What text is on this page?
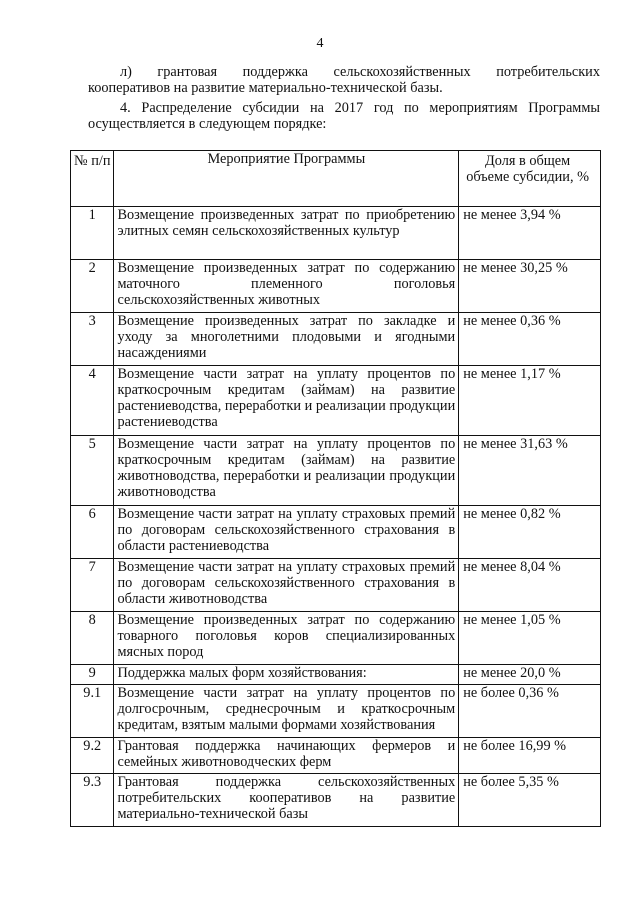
4
л) грантовая поддержка сельскохозяйственных потребительских
кооперативов на развитие материально-технической базы.
4. Распределение субсидии на 2017 год по мероприятиям Программы
осуществляется в следующем порядке:
№ п/п	Мероприятие Программы	Доля в общем объеме субсидии, %
1	Возмещение произведенных затрат по приобретению элитных семян сельскохозяйственных культур	не менее 3,94 %
2	Возмещение произведенных затрат по содержанию маточного племенного поголовья сельскохозяйственных животных	не менее 30,25 %
3	Возмещение произведенных затрат по закладке и уходу за многолетними плодовыми и ягодными насаждениями	не менее 0,36 %
4	Возмещение части затрат на уплату процентов по краткосрочным кредитам (займам) на развитие растениеводства, переработки и реализации продукции растениеводства	не менее 1,17 %
5	Возмещение части затрат на уплату процентов по краткосрочным кредитам (займам) на развитие животноводства, переработки и реализации продукции животноводства	не менее 31,63 %
6	Возмещение части затрат на уплату страховых премий по договорам сельскохозяйственного страхования в области растениеводства	не менее 0,82 %
7	Возмещение части затрат на уплату страховых премий по договорам сельскохозяйственного страхования в области животноводства	не менее 8,04 %
8	Возмещение произведенных затрат по содержанию товарного поголовья коров специализированных мясных пород	не менее 1,05 %
9	Поддержка малых форм хозяйствования:	не менее 20,0 %
9.1	Возмещение части затрат на уплату процентов по долгосрочным, среднесрочным и краткосрочным кредитам, взятым малыми формами хозяйствования	не более 0,36 %
9.2	Грантовая поддержка начинающих фермеров и семейных животноводческих ферм	не более 16,99 %
9.3	Грантовая поддержка сельскохозяйственных потребительских кооперативов на развитие материально-технической базы	не более 5,35 %
